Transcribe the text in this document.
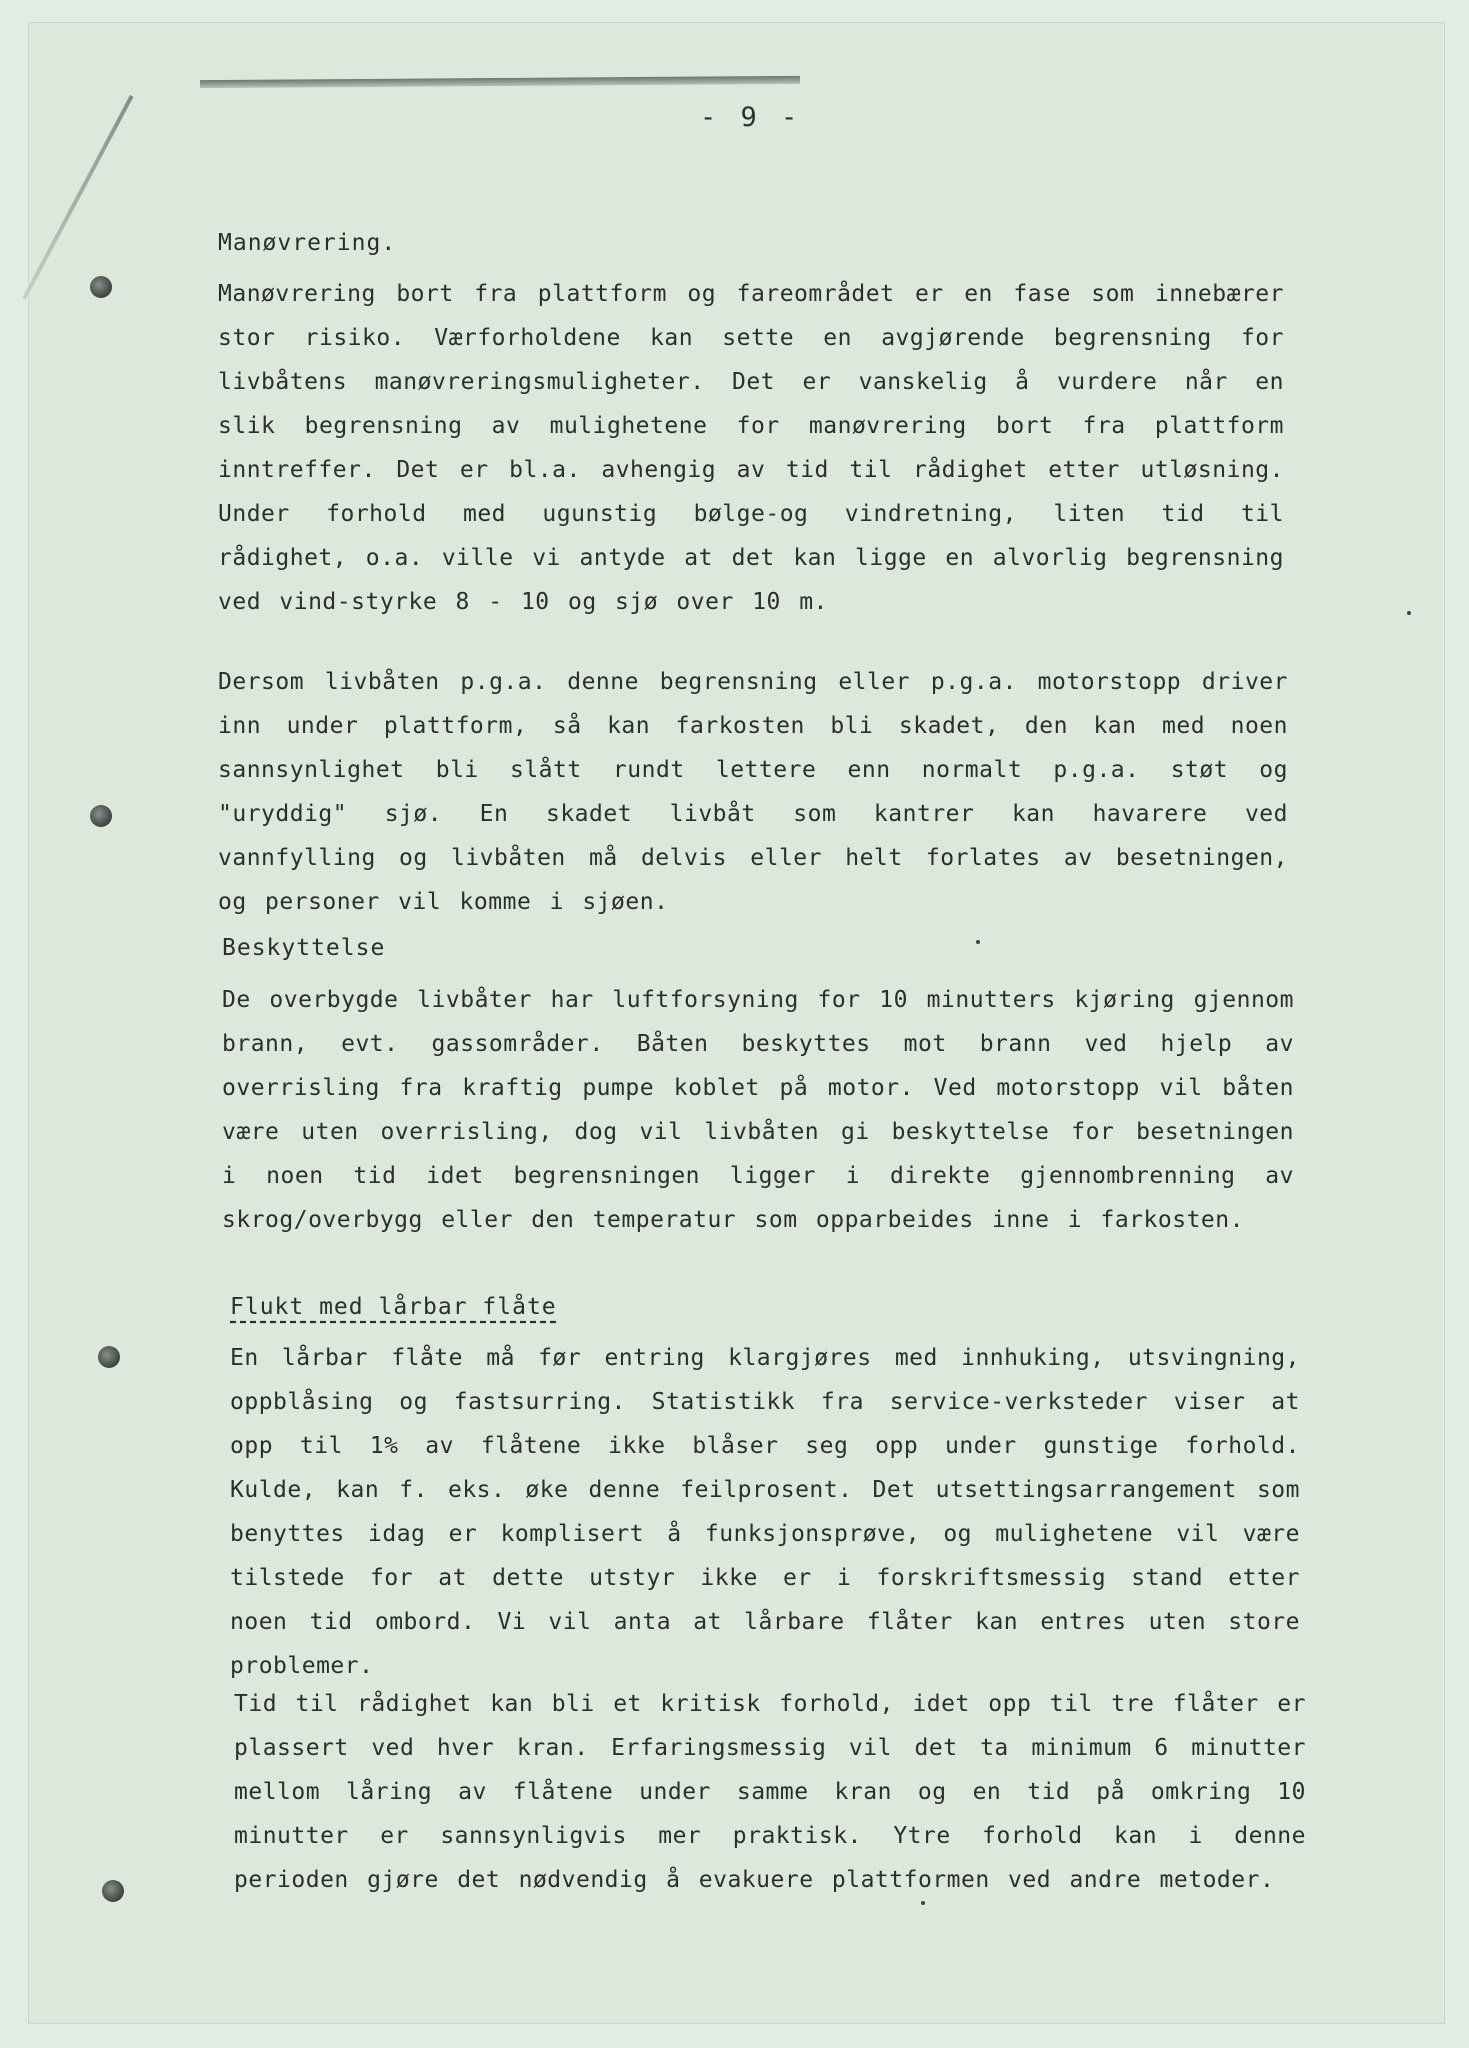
- 9 -
Manøvrering.

Manøvrering bort fra plattform og fareområdet er en fase som innebærer stor risiko. Værforholdene kan sette en avgjørende begrensning for livbåtens manøvreringsmuligheter. Det er vanskelig å vurdere når en slik begrensning av mulighetene for manøvrering bort fra plattform inntreffer. Det er bl.a. avhengig av tid til rådighet etter utløsning. Under forhold med ugunstig bølge-og vindretning, liten tid til rådighet, o.a. ville vi antyde at det kan ligge en alvorlig begrensning ved vind-styrke 8 - 10 og sjø over 10 m.

Dersom livbåten p.g.a. denne begrensning eller p.g.a. motorstopp driver inn under plattform, så kan farkosten bli skadet, den kan med noen sannsynlighet bli slått rundt lettere enn normalt p.g.a. støt og "uryddig" sjø. En skadet livbåt som kantrer kan havarere ved vannfylling og livbåten må delvis eller helt forlates av besetningen, og personer vil komme i sjøen.

Beskyttelse

De overbygde livbåter har luftforsyning for 10 minutters kjøring gjennom brann, evt. gassområder. Båten beskyttes mot brann ved hjelp av overrisling fra kraftig pumpe koblet på motor. Ved motorstopp vil båten være uten overrisling, dog vil livbåten gi beskyttelse for besetningen i noen tid idet begrensningen ligger i direkte gjennombrenning av skrog/overbygg eller den temperatur som opparbeides inne i farkosten.

Flukt med lårbar flåte

En lårbar flåte må før entring klargjøres med innhuking, utsvingning, oppblåsing og fastsurring. Statistikk fra service-verksteder viser at opp til 1% av flåtene ikke blåser seg opp under gunstige forhold. Kulde, kan f. eks. øke denne feilprosent. Det utsettingsarrangement som benyttes idag er komplisert å funksjonsprøve, og mulighetene vil være tilstede for at dette utstyr ikke er i forskriftsmessig stand etter noen tid ombord. Vi vil anta at lårbare flåter kan entres uten store problemer.

Tid til rådighet kan bli et kritisk forhold, idet opp til tre flåter er plassert ved hver kran. Erfaringsmessig vil det ta minimum 6 minutter mellom låring av flåtene under samme kran og en tid på omkring 10 minutter er sannsynligvis mer praktisk. Ytre forhold kan i denne perioden gjøre det nødvendig å evakuere plattformen ved andre metoder.
